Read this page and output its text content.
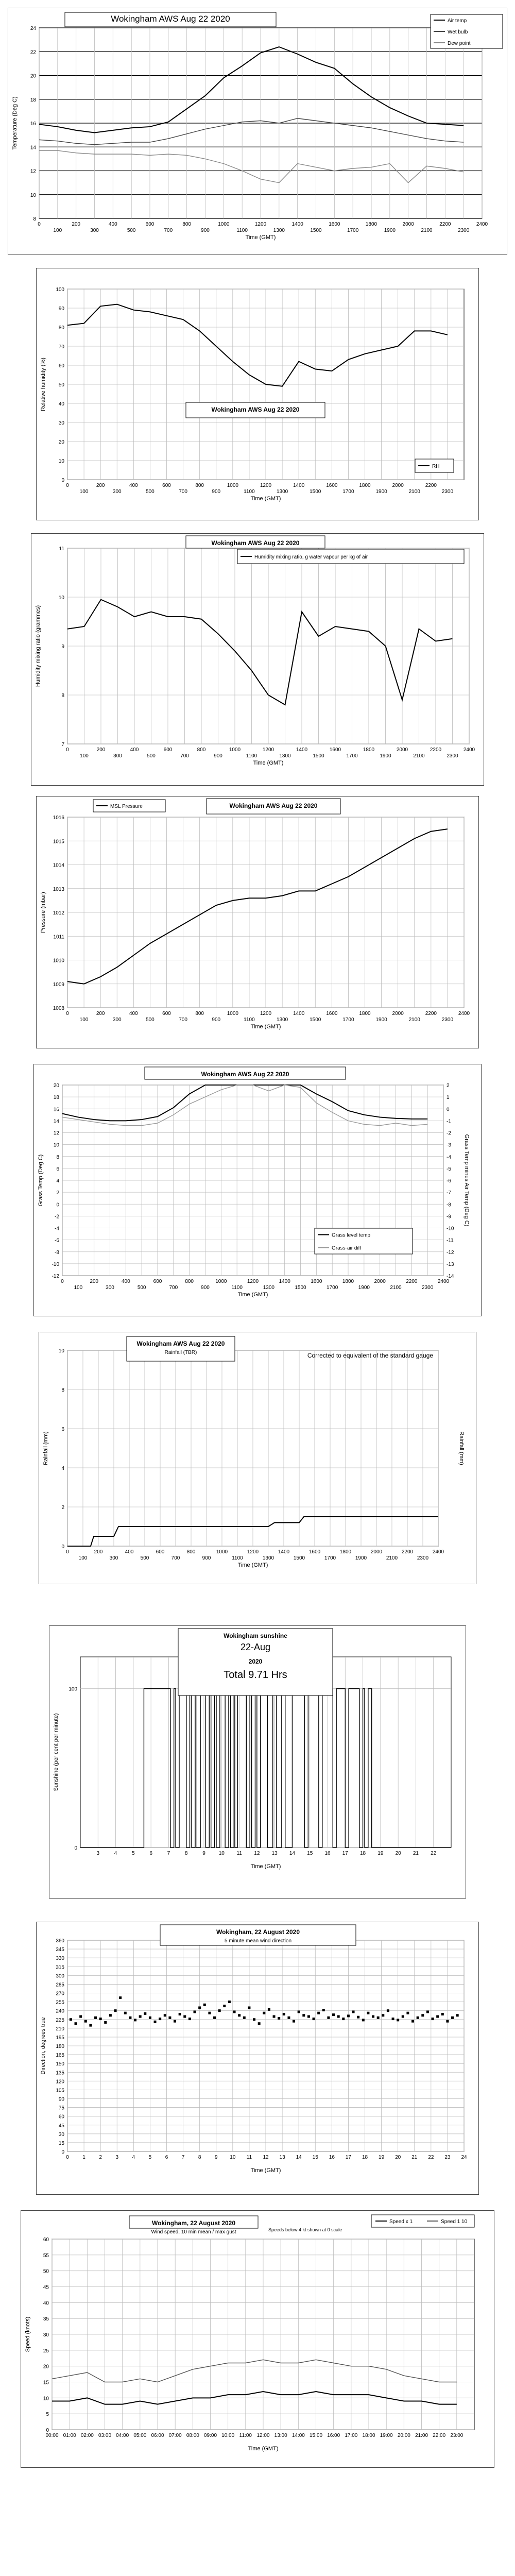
8
10
12
14
16
18
20
22
24
0
100
200
300
400
500
600
700
800
900
1000
1100
1200
1300
1400
1500
1600
1700
1800
1900
2000
2100
2200
2300
2400
Time (GMT)
Temperature (Deg C)
Wokingham AWS Aug 22 2020	Air temp
Wet bulb
Dew point
0
10
20
30
40
50
60
70
80
90
100
0
100
200
300
400
500
600
700
800
900
1000
1100
1200
1300
1400
1500
1600
1700
1800
1900
2000
2100
2200
2300
Time (GMT)
Relative humidity (%)	Wokingham AWS Aug 22 2020
RH
7
8
9
10
11
0
100
200
300
400
500
600
700
800
900
1000
1100
1200
1300
1400
1500
1600
1700
1800
1900
2000
2100
2200
2300
2400
Time (GMT)
Humidity mixing ratio (grammes)
Wokingham AWS Aug 22 2020
Humidity mixing ratio, g water vapour per kg of air
1008
1009
1010
1011
1012
1013
1014
1015
1016
0
100
200
300
400
500
600
700
800
900
1000
1100
1200
1300
1400
1500
1600
1700
1800
1900
2000
2100
2200
2300
2400
Time (GMT)
Pressure (mbar)
Wokingham AWS Aug 22 2020
MSL Pressure
-12
-10
-8
-6
-4
-2
0
2
4
6
8
10
12
14
16
18
20
-14
-13
-12
-11
-10
-9
-8
-7
-6
-5
-4
-3
-2
-1
0
1
2
0
100
200
300
400
500
600
700
800
900
1000
1100
1200
1300
1400
1500
1600
1700
1800
1900
2000
2100
2200
2300
2400
Time (GMT)
Grass Temp (Deg C)	Grass Temp minus Air Temp (Deg C)
Wokingham AWS Aug 22 2020
Grass level temp
Grass-air diff
0
2
4
6
8
10
0
100
200
300
400
500
600
700
800
900
1000
1100
1200
1300
1400
1500
1600
1700
1800
1900
2000
2100
2200
2300
2400
Time (GMT)
Rainfall (mm)	Rainfall (mm)
Wokingham AWS Aug 22 2020
Rainfall (TBR)	Corrected to equivalent of the standard gauge
0
100
3	4	5	6	7	8	9	10 11 12 13 14 15 16 17 18 19 20 21 22
Time (GMT)
Sunshine (per cent per minute)
Wokingham sunshine
22-Aug
2020
Total 9.71 Hrs
0
15
30
45
60
75
90
105
120
135
150
165
180
195
210
225
240
255
270
285
300
315
330
345
360
0	1	2	3	4	5	6	7	8	9 10 11 12 13 14 15 16 17 18 19 20 21 22 23 24
Time (GMT)
Direction, degrees true
Wokingham, 22 August 2020
5 minute mean wind direction
0
5
10
15
20
25
30
35
40
45
50
55
60
00:00 01:00 02:00 03:00 04:00 05:00 06:00 07:00 08:00 09:00 10:00 11:00 12:00 13:00 14:00 15:00 16:00 17:00 18:00 19:00 20:00 21:00 22:00 23:00
Time (GMT)
Speed (knots)
Wokingham, 22 August 2020
Wind speed, 10 min mean / max gust	Speeds below 4 kt shown at 0 scale
Speed x 1	Speed 1 10
